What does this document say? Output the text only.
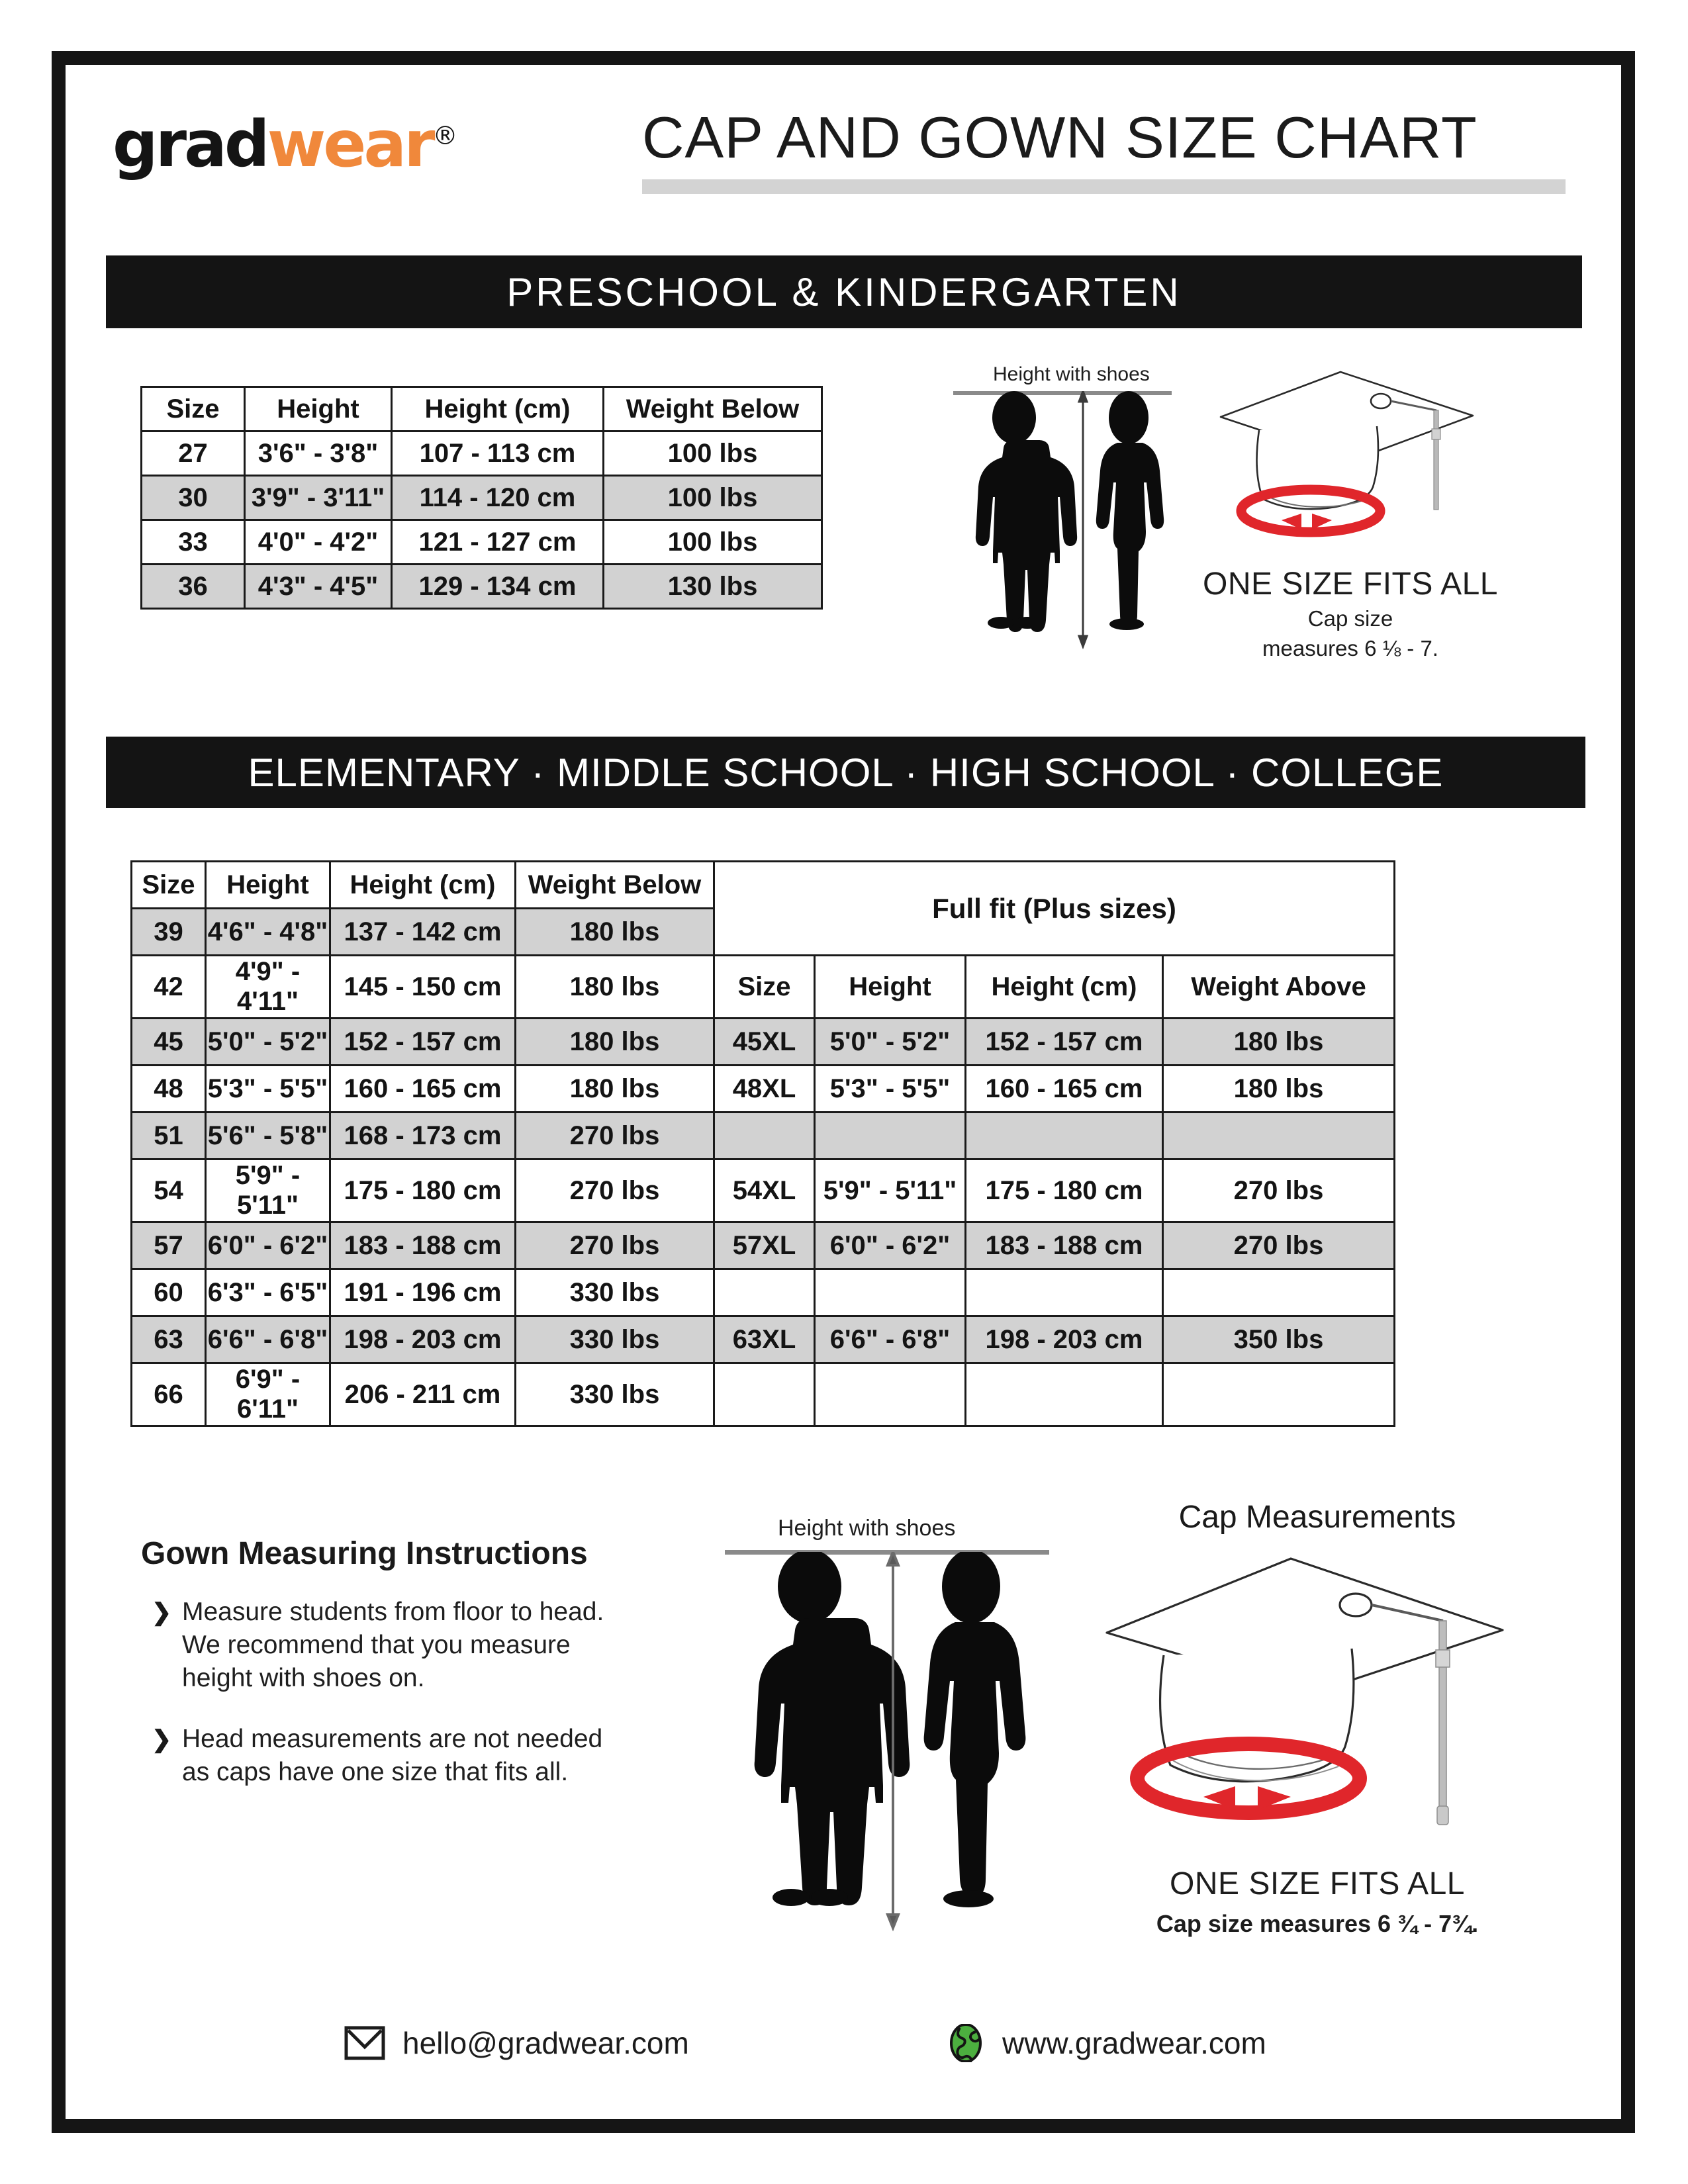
gradwear®	CAP AND GOWN SIZE CHART
PRESCHOOL & KINDERGARTEN
Size	Height	Height (cm)	Weight Below
27	3'6" - 3'8"	107 - 113 cm	100 lbs
30	3'9" - 3'11"	114 - 120 cm	100 lbs
33	4'0" - 4'2"	121 - 127 cm	100 lbs
36	4'3" - 4'5"	129 - 134 cm	130 lbs
Height with shoes
ONE SIZE FITS ALL
Cap size
measures 6 ⅛ - 7.
ELEMENTARY · MIDDLE SCHOOL · HIGH SCHOOL · COLLEGE
Size	Height	Height (cm)	Weight Below	Full fit (Plus sizes)			
39	4'6" - 4'8"	137 - 142 cm	180 lbs				
42	4'9" - 4'11"	145 - 150 cm	180 lbs	Size	Height	Height (cm)	Weight Above
45	5'0" - 5'2"	152 - 157 cm	180 lbs	45XL	5'0" - 5'2"	152 - 157 cm	180 lbs
48	5'3" - 5'5"	160 - 165 cm	180 lbs	48XL	5'3" - 5'5"	160 - 165 cm	180 lbs
51	5'6" - 5'8"	168 - 173 cm	270 lbs				
54	5'9" - 5'11"	175 - 180 cm	270 lbs	54XL	5'9" - 5'11"	175 - 180 cm	270 lbs
57	6'0" - 6'2"	183 - 188 cm	270 lbs	57XL	6'0" - 6'2"	183 - 188 cm	270 lbs
60	6'3" - 6'5"	191 - 196 cm	330 lbs				
63	6'6" - 6'8"	198 - 203 cm	330 lbs	63XL	6'6" - 6'8"	198 - 203 cm	350 lbs
66	6'9" - 6'11"	206 - 211 cm	330 lbs				
Gown Measuring Instructions
❯ Measure students from floor to head. We recommend that you measure height with shoes on.
❯ Head measurements are not needed as caps have one size that fits all.
Height with shoes	Cap Measurements
ONE SIZE FITS ALL
Cap size measures 6 ¾ - 7¾.
hello@gradwear.com	www.gradwear.com
